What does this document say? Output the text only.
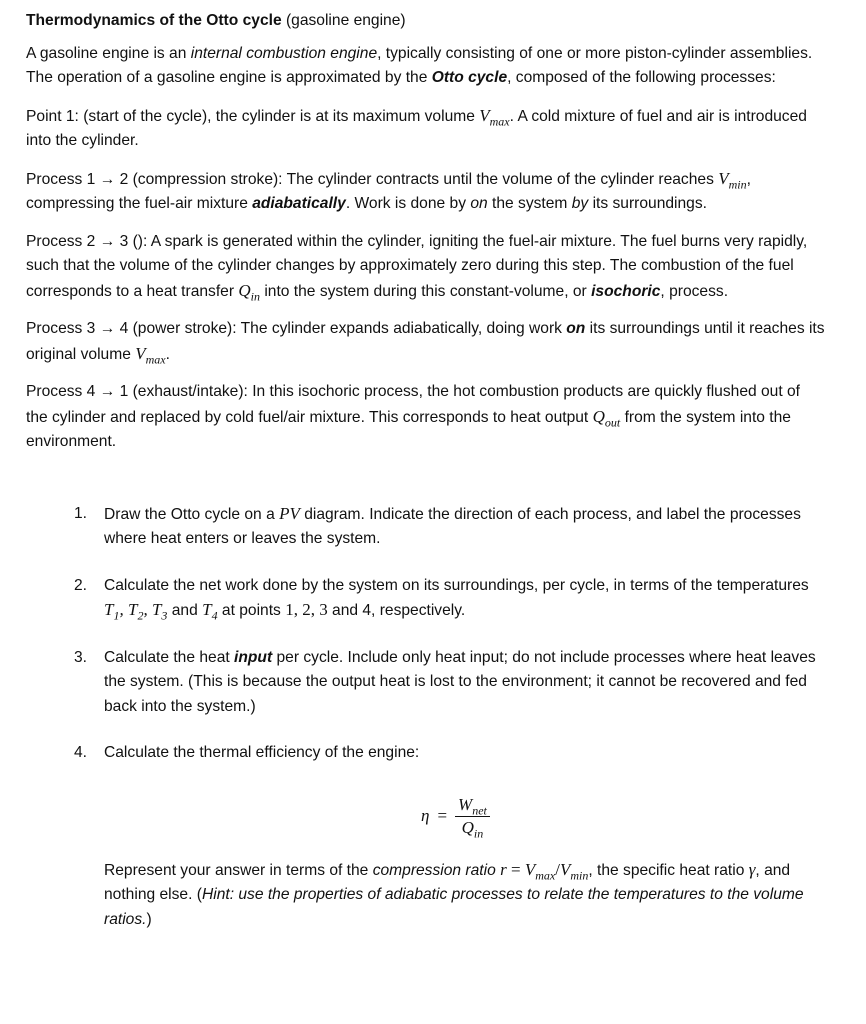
Thermodynamics of the Otto cycle (gasoline engine)

A gasoline engine is an internal combustion engine, typically consisting of one or more piston-cylinder assemblies. The operation of a gasoline engine is approximated by the Otto cycle, composed of the following processes:

Point 1: (start of the cycle), the cylinder is at its maximum volume $V_{max}$. A cold mixture of fuel and air is introduced into the cylinder.

Process 1 → 2 (compression stroke): The cylinder contracts until the volume of the cylinder reaches $V_{min}$, compressing the fuel-air mixture adiabatically. Work is done by on the system by its surroundings.

Process 2 → 3 (): A spark is generated within the cylinder, igniting the fuel-air mixture. The fuel burns very rapidly, such that the volume of the cylinder changes by approximately zero during this step. The combustion of the fuel corresponds to a heat transfer $Q_{in}$ into the system during this constant-volume, or isochoric, process.

Process 3 → 4 (power stroke): The cylinder expands adiabatically, doing work on its surroundings until it reaches its original volume $V_{max}$.

Process 4 → 1 (exhaust/intake): In this isochoric process, the hot combustion products are quickly flushed out of the cylinder and replaced by cold fuel/air mixture. This corresponds to heat output $Q_{out}$ from the system into the environment.

1. Draw the Otto cycle on a PV diagram. Indicate the direction of each process, and label the processes where heat enters or leaves the system.
2. Calculate the net work done by the system on its surroundings, per cycle, in terms of the temperatures $T_1$, $T_2$, $T_3$ and $T_4$ at points 1, 2, 3 and 4, respectively.
3. Calculate the heat input per cycle. Include only heat input; do not include processes where heat leaves the system. (This is because the output heat is lost to the environment; it cannot be recovered and fed back into the system.)
4. Calculate the thermal efficiency of the engine:
$\eta = \frac{W_{net}}{Q_{in}}$

Represent your answer in terms of the compression ratio $r = V_{max}/V_{min}$, the specific heat ratio γ, and nothing else. (Hint: use the properties of adiabatic processes to relate the temperatures to the volume ratios.)
